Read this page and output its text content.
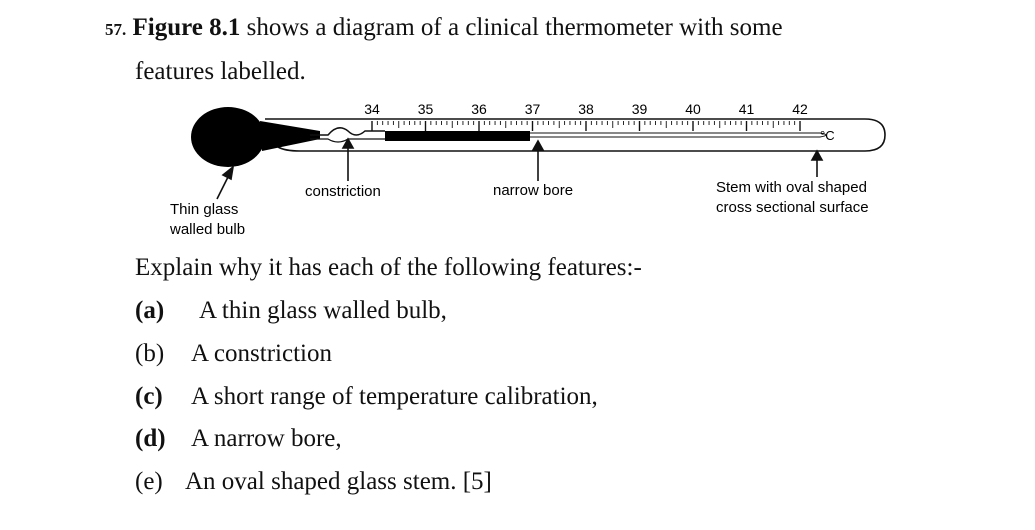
57. Figure 8.1 shows a diagram of a clinical thermometer with some
features labelled.
34	35	36	37	38	39	40	41	42
°C
Thin glass
walled bulb
constriction	narrow bore	Stem with oval shaped
cross sectional surface
Explain why it has each of the following features:-
(a) A thin glass walled bulb,
(b) A constriction
(c) A short range of temperature calibration,
(d) A narrow bore,
(e) An oval shaped glass stem. [5]
